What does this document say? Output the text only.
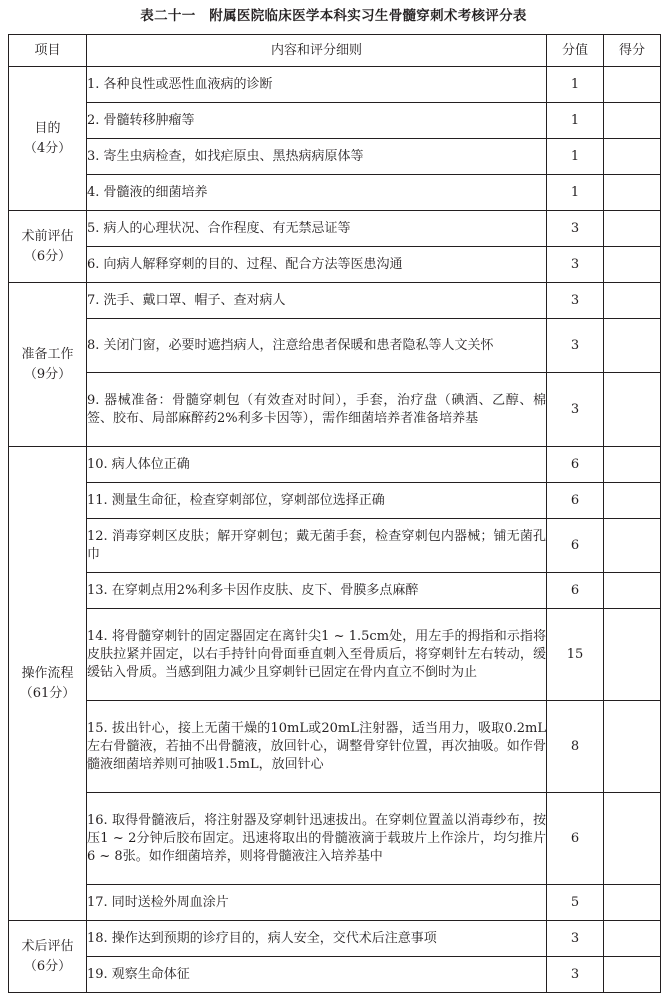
表二十一　附属医院临床医学本科实习生骨髓穿刺术考核评分表
项目	内容和评分细则	分值	得分

目的
（4分）	1. 各种良性或恶性血液病的诊断	1	
	2. 骨髓转移肿瘤等	1	
	3. 寄生虫病检查，如找疟原虫、黑热病病原体等	1	
	4. 骨髓液的细菌培养	1	

术前评估
（6分）	5. 病人的心理状况、合作程度、有无禁忌证等	3	
	6. 向病人解释穿刺的目的、过程、配合方法等医患沟通	3	

准备工作
（9分）	7. 洗手、戴口罩、帽子、查对病人	3	
	8. 关闭门窗，必要时遮挡病人，注意给患者保暖和患者隐私等人文关怀	3	
	9. 器械准备：骨髓穿刺包（有效查对时间），手套，治疗盘（碘酒、乙醇、棉签、胶布、局部麻醉药2%利多卡因等），需作细菌培养者准备培养基	3	

操作流程
（61分）	10. 病人体位正确	6	
	11. 测量生命征，检查穿刺部位，穿刺部位选择正确	6	
	12. 消毒穿刺区皮肤；解开穿刺包；戴无菌手套，检查穿刺包内器械；铺无菌孔巾	6	
	13. 在穿刺点用2%利多卡因作皮肤、皮下、骨膜多点麻醉	6	
	14. 将骨髓穿刺针的固定器固定在离针尖1 ~ 1.5cm处，用左手的拇指和示指将皮肤拉紧并固定，以右手持针向骨面垂直刺入至骨质后，将穿刺针左右转动，缓缓钻入骨质。当感到阻力减少且穿刺针已固定在骨内直立不倒时为止	15	
	15. 拔出针心，接上无菌干燥的10mL或20mL注射器，适当用力，吸取0.2mL左右骨髓液，若抽不出骨髓液，放回针心，调整骨穿针位置，再次抽吸。如作骨髓液细菌培养则可抽吸1.5mL，放回针心	8	
	16. 取得骨髓液后，将注射器及穿刺针迅速拔出。在穿刺位置盖以消毒纱布，按压1 ~ 2分钟后胶布固定。迅速将取出的骨髓液滴于载玻片上作涂片，均匀推片6 ~ 8张。如作细菌培养，则将骨髓液注入培养基中	6	
	17. 同时送检外周血涂片	5	

术后评估
（6分）	18. 操作达到预期的诊疗目的，病人安全，交代术后注意事项	3	
	19. 观察生命体征	3	
